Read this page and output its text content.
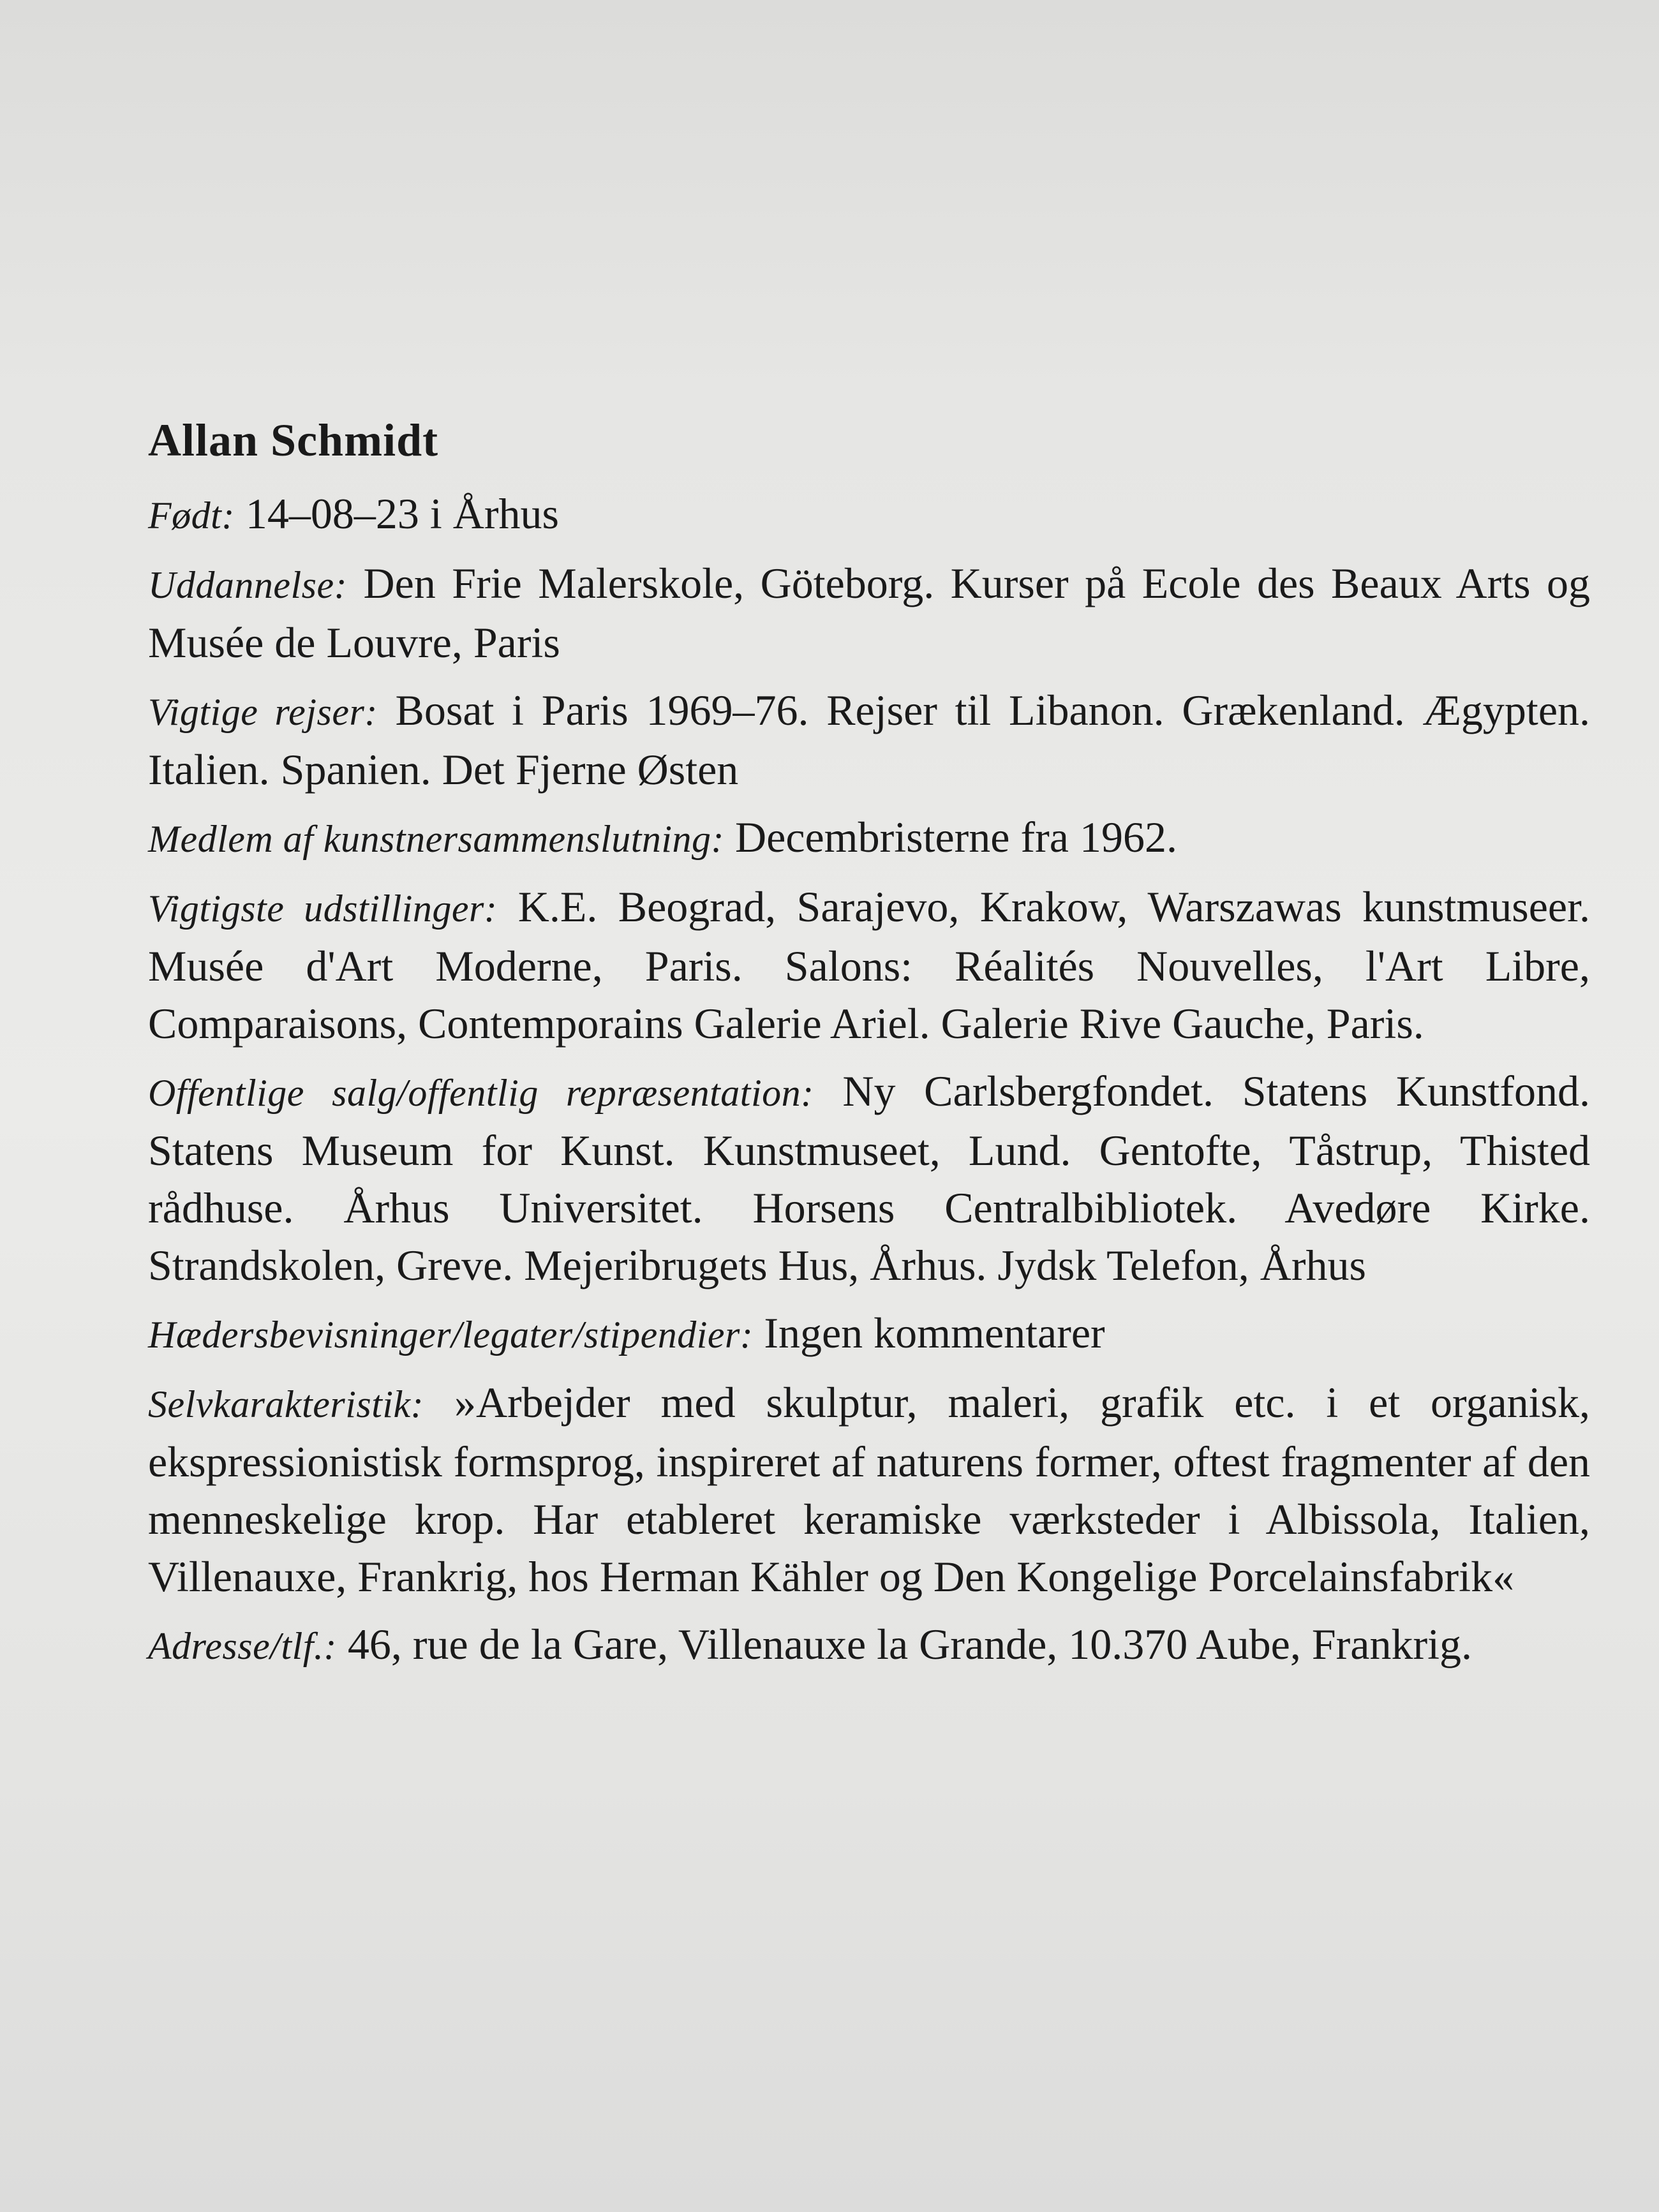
Allan Schmidt

Født: 14–08–23 i Århus

Uddannelse: Den Frie Malerskole, Göteborg. Kurser på Ecole des Beaux Arts og Musée de Louvre, Paris

Vigtige rejser: Bosat i Paris 1969–76. Rejser til Libanon. Grækenland. Ægypten. Italien. Spanien. Det Fjerne Østen

Medlem af kunstnersammenslutning: Decembristerne fra 1962.

Vigtigste udstillinger: K.E. Beograd, Sarajevo, Krakow, Warszawas kunstmuseer. Musée d'Art Moderne, Paris. Salons: Réalités Nouvelles, l'Art Libre, Comparaisons, Contemporains Galerie Ariel. Galerie Rive Gauche, Paris.

Offentlige salg/offentlig repræsentation: Ny Carlsbergfondet. Statens Kunstfond. Statens Museum for Kunst. Kunstmuseet, Lund. Gentofte, Tåstrup, Thisted rådhuse. Århus Universitet. Horsens Centralbibliotek. Avedøre Kirke. Strandskolen, Greve. Mejeribrugets Hus, Århus. Jydsk Telefon, Århus

Hædersbevisninger/legater/stipendier: Ingen kommentarer

Selvkarakteristik: »Arbejder med skulptur, maleri, grafik etc. i et organisk, ekspressionistisk formsprog, inspireret af naturens former, oftest fragmenter af den menneskelige krop. Har etableret keramiske værksteder i Albissola, Italien, Villenauxe, Frankrig, hos Herman Kähler og Den Kongelige Porcelainsfabrik«

Adresse/tlf.: 46, rue de la Gare, Villenauxe la Grande, 10.370 Aube, Frankrig.
